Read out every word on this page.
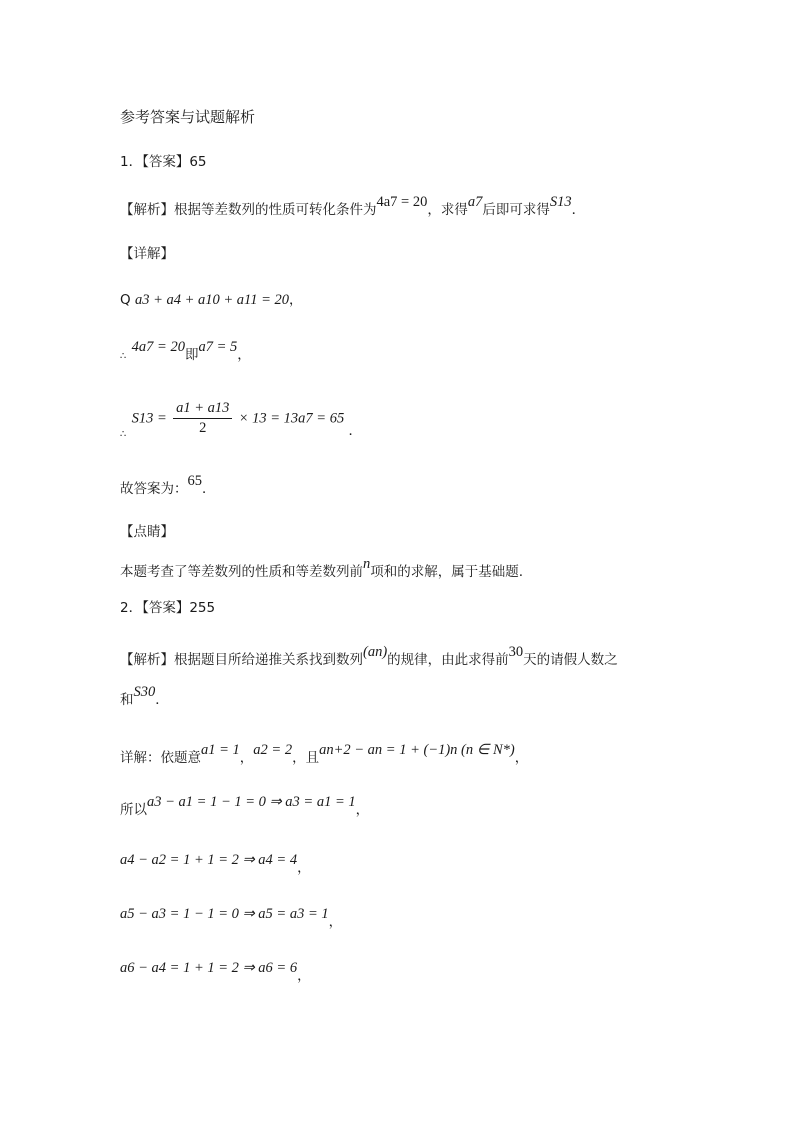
参考答案与试题解析
1．【答案】65
【解析】根据等差数列的性质可转化条件为4a7 = 20，求得a7后即可求得S13．
【详解】
Q a3 + a4 + a10 + a11 = 20，
∴ 4a7 = 20即a7 = 5，
$_\therefore$ $S13 = \frac{a1 + a13}{2} \times 13 = 13a7 = 65$ ．
故答案为：65．
【点睛】
本题考查了等差数列的性质和等差数列前n项和的求解，属于基础题.
2．【答案】255
【解析】根据题目所给递推关系找到数列(an)的规律，由此求得前30天的请假人数之
和S30．
详解：依题意a1 = 1，a2 = 2，且an+2 − an = 1 + (−1)n (n ∈ N*)，
所以a3 − a1 = 1 − 1 = 0 ⇒ a3 = a1 = 1，
a4 − a2 = 1 + 1 = 2 ⇒ a4 = 4，
a5 − a3 = 1 − 1 = 0 ⇒ a5 = a3 = 1，
a6 − a4 = 1 + 1 = 2 ⇒ a6 = 6，
